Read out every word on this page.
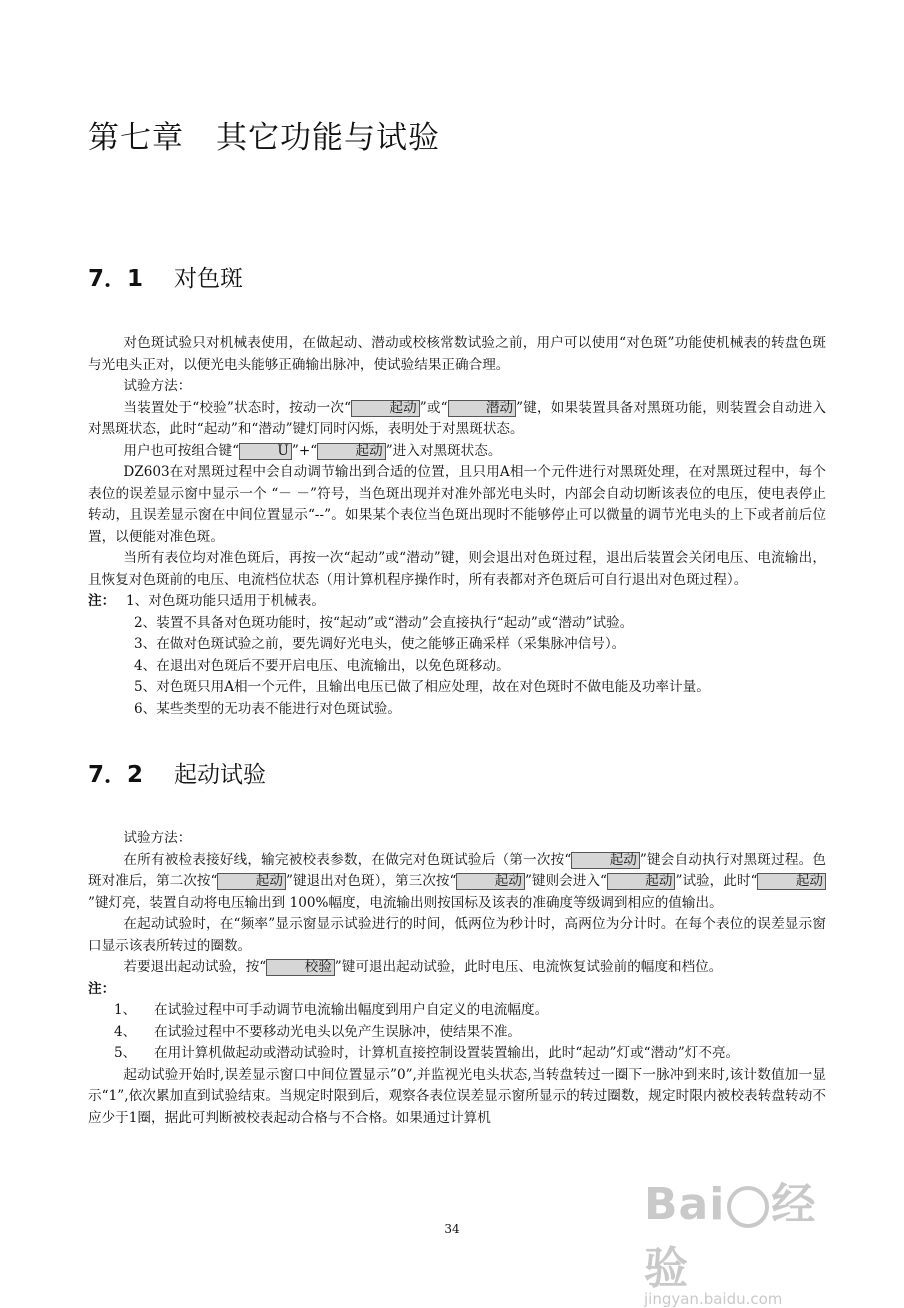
第七章　其它功能与试验
7．1	对色斑

对色斑试验只对机械表使用，在做起动、潜动或校核常数试验之前，用户可以使用“对色斑”功能使机械表的转盘色斑与光电头正对，以便光电头能够正确输出脉冲，使试验结果正确合理。

试验方法：

当装置处于“校验”状态时，按动一次“	起动 ”或“	潜动 ”键，如果装置具备对黑斑功能，则装置会自动进入对黑斑状态，此时“起动”和“潜动”键灯同时闪烁，表明处于对黑斑状态。

用户也可按组合键“	U ”+“	起动 ”进入对黑斑状态。

DZ603在对黑斑过程中会自动调节输出到合适的位置，且只用A相一个元件进行对黑斑处理，在对黑斑过程中，每个表位的误差显示窗中显示一个 “－ －”符号，当色斑出现并对准外部光电头时，内部会自动切断该表位的电压，使电表停止转动，且误差显示窗在中间位置显示“--”。如果某个表位当色斑出现时不能够停止可以微量的调节光电头的上下或者前后位置，以便能对准色斑。

当所有表位均对准色斑后，再按一次“起动”或“潜动”键，则会退出对色斑过程，退出后装置会关闭电压、电流输出，且恢复对色斑前的电压、电流档位状态（用计算机程序操作时，所有表都对齐色斑后可自行退出对色斑过程）。

注： 1、对色斑功能只适用于机械表。

2、装置不具备对色斑功能时，按“起动”或“潜动”会直接执行“起动”或“潜动”试验。

3、在做对色斑试验之前，要先调好光电头，使之能够正确采样（采集脉冲信号）。

4、在退出对色斑后不要开启电压、电流输出，以免色斑移动。

5、对色斑只用A相一个元件，且输出电压已做了相应处理，故在对色斑时不做电能及功率计量。

6、某些类型的无功表不能进行对色斑试验。

7．2	起动试验

试验方法：

在所有被检表接好线，输完被校表参数，在做完对色斑试验后（第一次按“	起动 ”键会自动执行对黑斑过程。色斑对准后，第二次按“	起动 ”键退出对色斑），第三次按“	起动 ”键则会进入“	起动 ”试验，此时“	起动”键灯亮，装置自动将电压输出到 100%幅度，电流输出则按国标及该表的准确度等级调到相应的值输出。

在起动试验时，在“频率”显示窗显示试验进行的时间，低两位为秒计时，高两位为分计时。在每个表位的误差显示窗口显示该表所转过的圈数。

若要退出起动试验，按“	校验 ”键可退出起动试验，此时电压、电流恢复试验前的幅度和档位。

注：

1、	在试验过程中可手动调节电流输出幅度到用户自定义的电流幅度。
4、	在试验过程中不要移动光电头以免产生误脉冲，使结果不准。
5、	在用计算机做起动或潜动试验时，计算机直接控制设置装置输出，此时“起动”灯或“潜动”灯不亮。

起动试验开始时,误差显示窗口中间位置显示”0”,并监视光电头状态,当转盘转过一圈下一脉冲到来时,该计数值加一显示“1”,依次累加直到试验结束。当规定时限到后，观察各表位误差显示窗所显示的转过圈数，规定时限内被校表转盘转动不应少于1圈，据此可判断被校表起动合格与不合格。如果通过计算机

34	Bai 经验
jingyan.baidu.com
